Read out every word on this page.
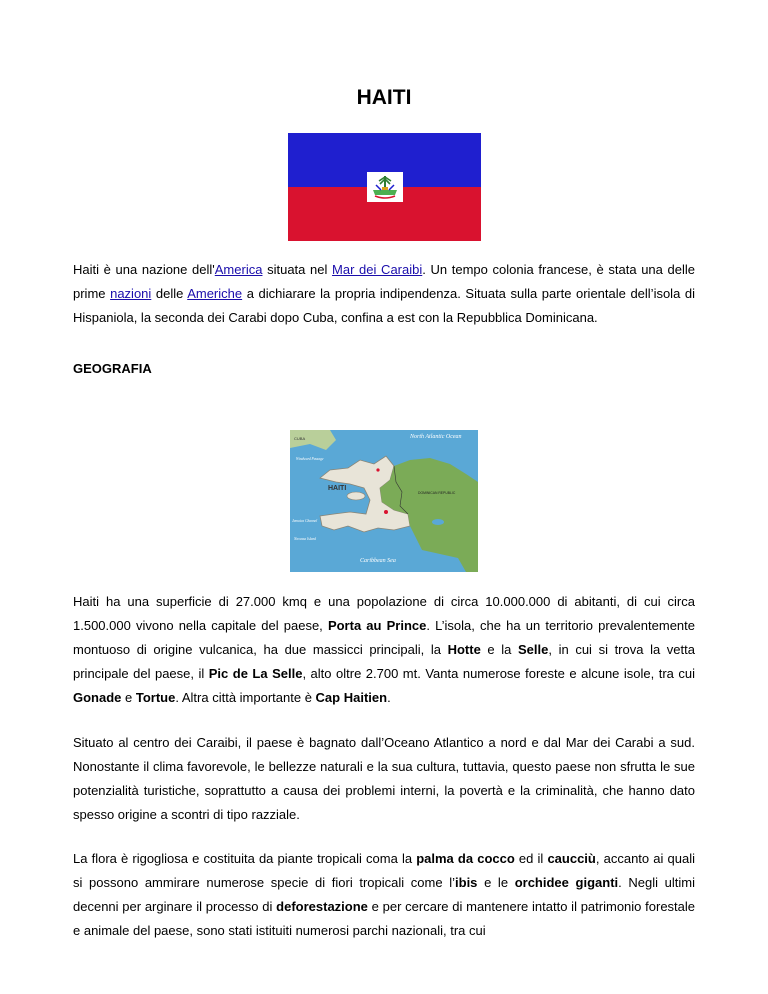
HAITI

Haiti è una nazione dell'America situata nel Mar dei Caraibi. Un tempo colonia francese, è stata una delle prime nazioni delle Americhe a dichiarare la propria indipendenza. Situata sulla parte orientale dell’isola di Hispaniola, la seconda dei Carabi dopo Cuba, confina a est con la Repubblica Dominicana.

GEOGRAFIA
North Atlantic Ocean
HAITI
Caribbean Sea
DOMINICAN REPUBLIC
CUBA
Windward Passage
Jamaica Channel
Navassa Island

Haiti ha una superficie di 27.000 kmq e una popolazione di circa 10.000.000 di abitanti, di cui circa 1.500.000 vivono nella capitale del paese, Porta au Prince. L’isola, che ha un territorio prevalentemente montuoso di origine vulcanica, ha due massicci principali, la Hotte e la Selle, in cui si trova la vetta principale del paese, il Pic de La Selle, alto oltre 2.700 mt. Vanta numerose foreste e alcune isole, tra cui Gonade e Tortue. Altra città importante è Cap Haitien.

Situato al centro dei Caraibi, il paese è bagnato dall’Oceano Atlantico a nord e dal Mar dei Carabi a sud. Nonostante il clima favorevole, le bellezze naturali e la sua cultura, tuttavia, questo paese non sfrutta le sue potenzialità turistiche, soprattutto a causa dei problemi interni, la povertà e la criminalità, che hanno dato spesso origine a scontri di tipo razziale.

La flora è rigogliosa e costituita da piante tropicali coma la palma da cocco ed il caucciù, accanto ai quali si possono ammirare numerose specie di fiori tropicali come l’ibis e le orchidee giganti. Negli ultimi decenni per arginare il processo di deforestazione e per cercare di mantenere intatto il patrimonio forestale e animale del paese, sono stati istituiti numerosi parchi nazionali, tra cui
